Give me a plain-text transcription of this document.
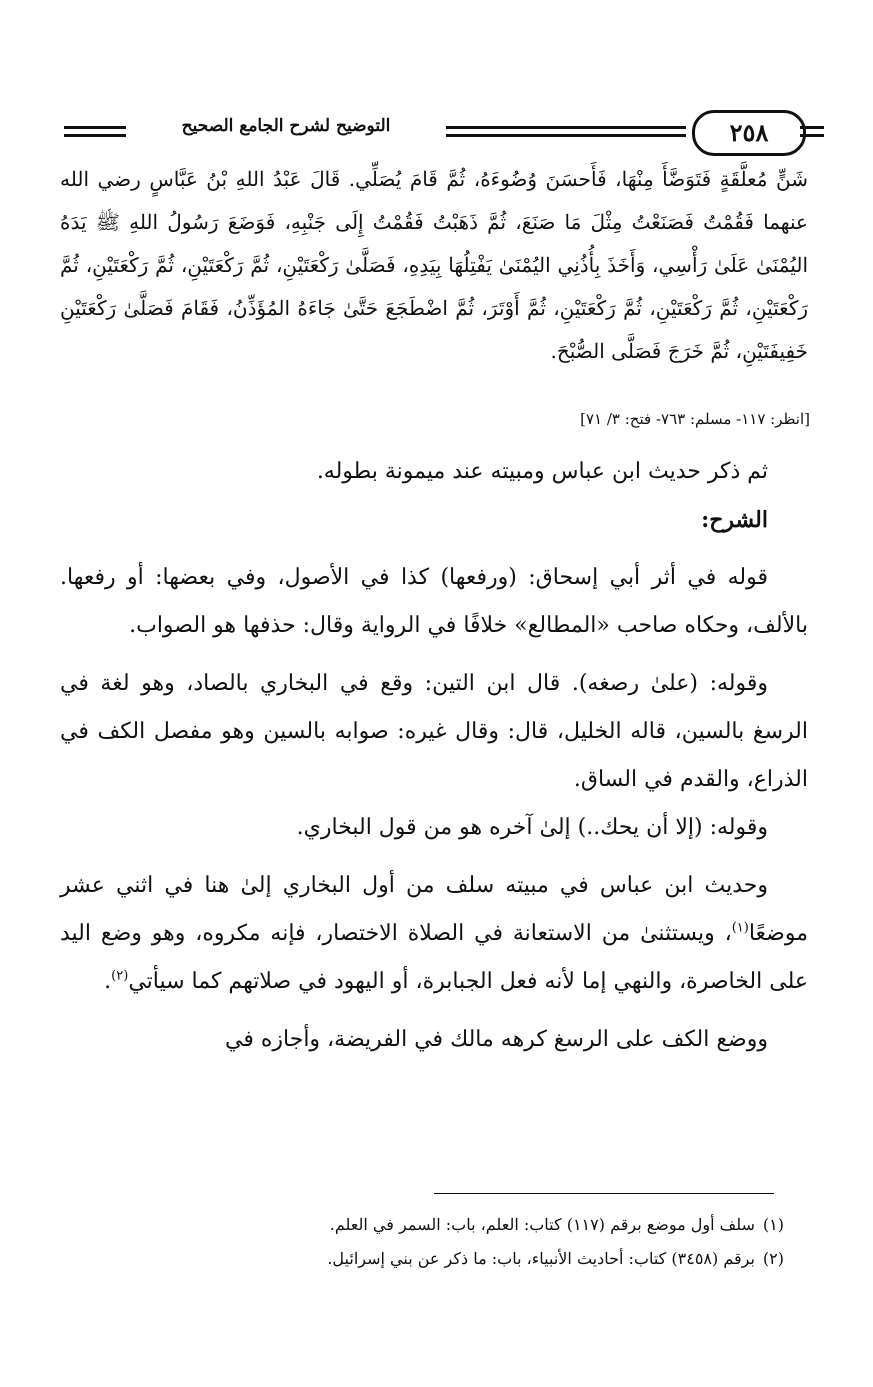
التوضيح لشرح الجامع الصحيح	٢٥٨
شَنٍّ مُعلَّقَةٍ فَتَوَضَّأَ مِنْهَا، فَأَحسَنَ وُضُوءَهُ، ثُمَّ قَامَ يُصَلِّي. قَالَ عَبْدُ اللهِ بْنُ عَبَّاسٍ رضي الله عنهما فَقُمْتُ فَصَنَعْتُ مِثْلَ مَا صَنَعَ، ثُمَّ ذَهَبْتُ فَقُمْتُ إِلَى جَنْبِهِ، فَوَضَعَ رَسُولُ اللهِ ﷺ يَدَهُ اليُمْنَىٰ عَلَىٰ رَأْسِي، وَأَخَذَ بِأُذُنِي اليُمْنَىٰ يَفْتِلُهَا بِيَدِهِ، فَصَلَّىٰ رَكْعَتَيْنِ، ثُمَّ رَكْعَتَيْنِ، ثُمَّ رَكْعَتَيْنِ، ثُمَّ رَكْعَتَيْنِ، ثُمَّ رَكْعَتَيْنِ، ثُمَّ رَكْعَتَيْنِ، ثُمَّ أَوْتَرَ، ثُمَّ اضْطَجَعَ حَتَّىٰ جَاءَهُ المُؤَذِّنُ، فَقَامَ فَصَلَّىٰ رَكْعَتَيْنِ خَفِيفَتَيْنِ، ثُمَّ خَرَجَ فَصَلَّى الصُّبْحَ.
[انظر: ١١٧- مسلم: ٧٦٣- فتح: ٣/ ٧١]

ثم ذكر حديث ابن عباس ومبيته عند ميمونة بطوله.

الشرح:

قوله في أثر أبي إسحاق: (ورفعها) كذا في الأصول، وفي بعضها: أو رفعها. بالألف، وحكاه صاحب «المطالع» خلافًا في الرواية وقال: حذفها هو الصواب.

وقوله: (علىٰ رصغه). قال ابن التين: وقع في البخاري بالصاد، وهو لغة في الرسغ بالسين، قاله الخليل، قال: وقال غيره: صوابه بالسين وهو مفصل الكف في الذراع، والقدم في الساق.

وقوله: (إلا أن يحك..) إلىٰ آخره هو من قول البخاري.

وحديث ابن عباس في مبيته سلف من أول البخاري إلىٰ هنا في اثني عشر موضعًا$^{(١)}$، ويستثنىٰ من الاستعانة في الصلاة الاختصار، فإنه مكروه، وهو وضع اليد على الخاصرة، والنهي إما لأنه فعل الجبابرة، أو اليهود في صلاتهم كما سيأتي$^{(٢)}$.

ووضع الكف على الرسغ كرهه مالك في الفريضة، وأجازه في

(١)سلف أول موضع برقم (١١٧) كتاب: العلم، باب: السمر في العلم.
(٢)برقم (٣٤٥٨) كتاب: أحاديث الأنبياء، باب: ما ذكر عن بني إسرائيل.
